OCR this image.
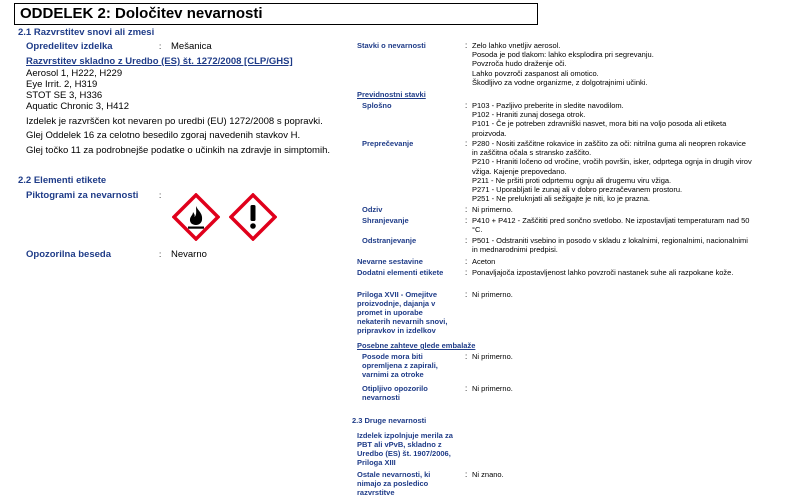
ODDELEK 2: Določitev nevarnosti
2.1 Razvrstitev snovi ali zmesi
Opredelitev izdelka	: Mešanica
Razvrstitev skladno z Uredbo (ES) št. 1272/2008 [CLP/GHS]
Aerosol 1, H222, H229
Eye Irrit. 2, H319
STOT SE 3, H336
Aquatic Chronic 3, H412
Izdelek je razvrščen kot nevaren po uredbi (EU) 1272/2008 s popravki.
Glej Oddelek 16 za celotno besedilo zgoraj navedenih stavkov H.
Glej točko 11 za podrobnejše podatke o učinkih na zdravje in simptomih.
2.2 Elementi etikete
Piktogrami za nevarnosti	:
Opozorilna beseda	: Nevarno
Stavki o nevarnosti	: Zelo lahko vnetljiv aerosol.
Posoda je pod tlakom: lahko eksplodira pri segrevanju.
Povzroča hudo draženje oči.
Lahko povzroči zaspanost ali omotico.
Škodljivo za vodne organizme, z dolgotrajnimi učinki.
Previdnostni stavki
Splošno	: P103 - Pazljivo preberite in sledite navodilom.
P102 - Hraniti zunaj dosega otrok.
P101 - Če je potreben zdravniški nasvet, mora biti na voljo posoda ali etiketa
proizvoda.
Preprečevanje	: P280 - Nositi zaščitne rokavice in zaščito za oči: nitrilna guma ali neopren rokavice
in zaščitna očala s stransko zaščito.
P210 - Hraniti ločeno od vročine, vročih površin, isker, odprtega ognja in drugih virov
vžiga. Kajenje prepovedano.
P211 - Ne pršiti proti odprtemu ognju ali drugemu viru vžiga.
P271 - Uporabljati le zunaj ali v dobro prezračevanem prostoru.
P251 - Ne preluknjati ali sežigajte je niti, ko je prazna.
Odziv	: Ni primerno.
Shranjevanje	: P410 + P412 - Zaščititi pred sončno svetlobo. Ne izpostavljati temperaturam nad 50
°C.
Odstranjevanje	: P501 - Odstraniti vsebino in posodo v skladu z lokalnimi, regionalnimi, nacionalnimi
in mednarodnimi predpisi.
Nevarne sestavine	: Aceton
Dodatni elementi etikete	: Ponavljajoča izpostavljenost lahko povzroči nastanek suhe ali razpokane kože.
Priloga XVII - Omejitve
proizvodnje, dajanja v
promet in uporabe
nekaterih nevarnih snovi,
pripravkov in izdelkov
: Ni primerno.
Posebne zahteve glede embalaže
Posode mora biti
opremljena z zapirali,
varnimi za otroke
: Ni primerno.
Otipljivo opozorilo
nevarnosti
: Ni primerno.
2.3 Druge nevarnosti
Izdelek izpolnjuje merila za
PBT ali vPvB, skladno z
Uredbo (ES) št. 1907/2006,
Priloga XIII
Ostale nevarnosti, ki
nimajo za posledico
razvrstitve
: Ni znano.
